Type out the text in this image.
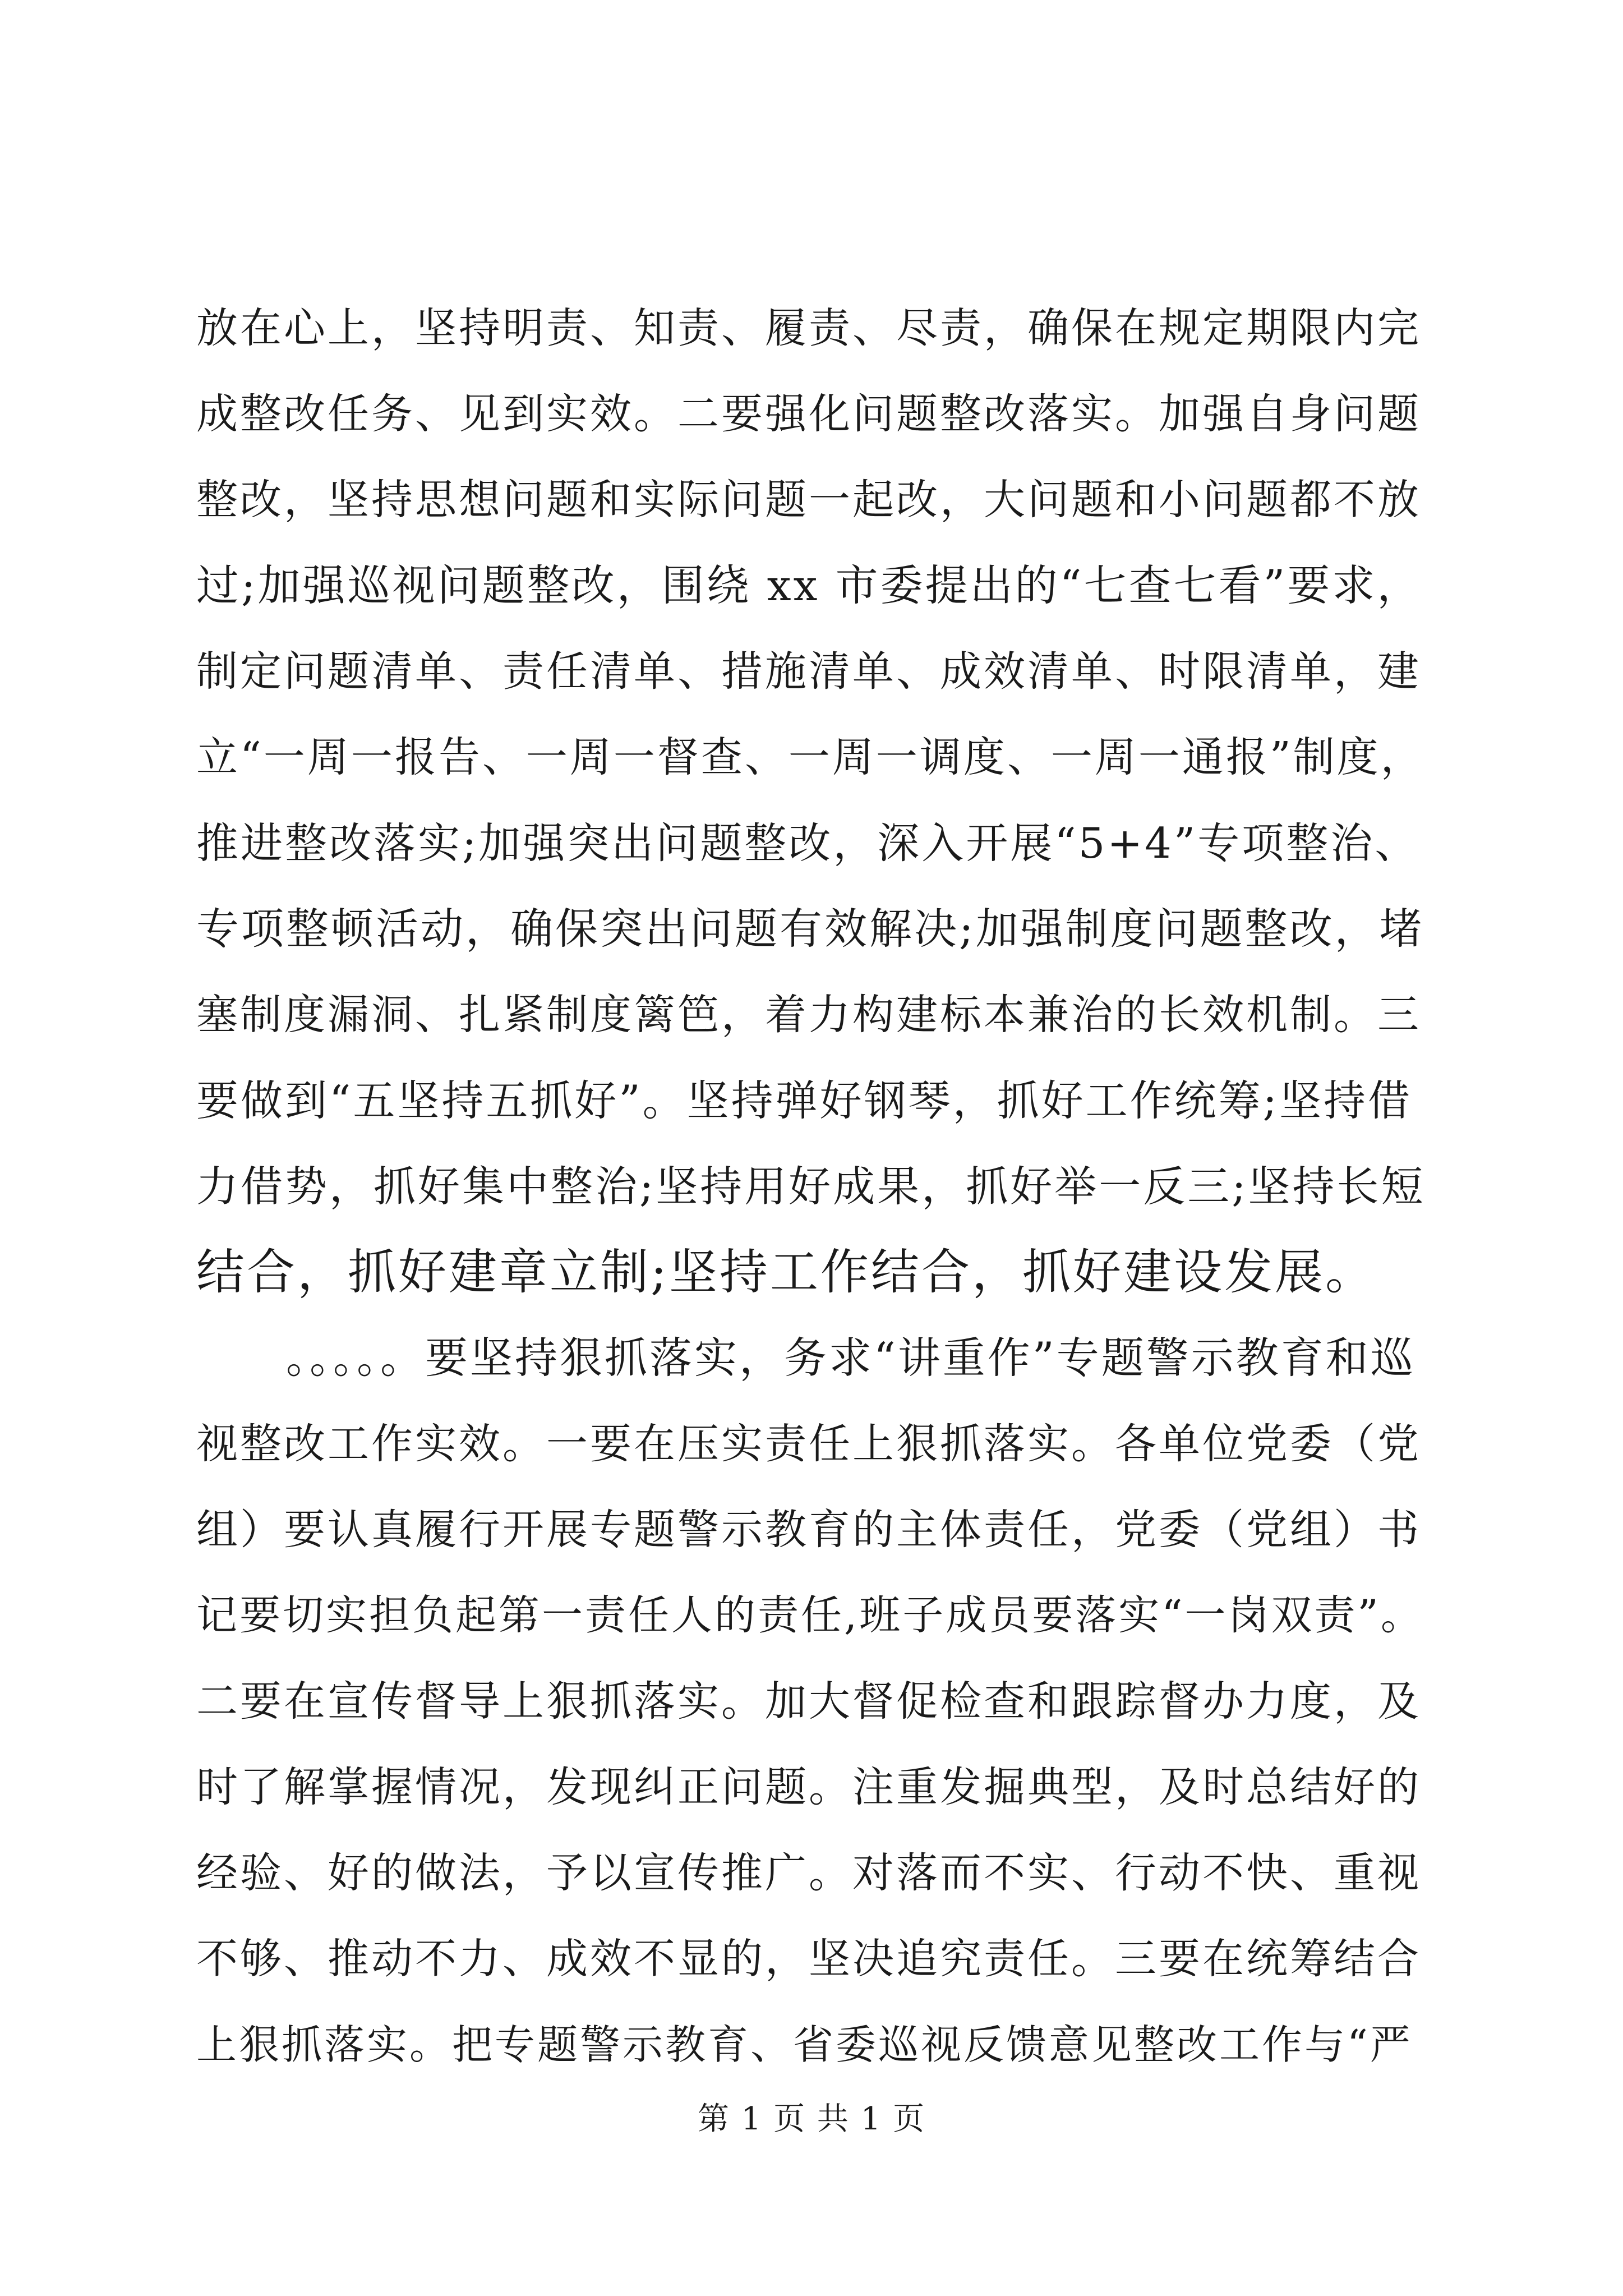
放在心上，坚持明责、知责、履责、尽责，确保在规定期限内完
成整改任务、见到实效。二要强化问题整改落实。加强自身问题
整改，坚持思想问题和实际问题一起改，大问题和小问题都不放
过;加强巡视问题整改，围绕 xx 市委提出的“七查七看”要求，
制定问题清单、责任清单、措施清单、成效清单、时限清单，建
立“一周一报告、一周一督查、一周一调度、一周一通报”制度，
推进整改落实;加强突出问题整改，深入开展“5+4”专项整治、
专项整顿活动，确保突出问题有效解决;加强制度问题整改，堵
塞制度漏洞、扎紧制度篱笆，着力构建标本兼治的长效机制。三
要做到“五坚持五抓好”。坚持弹好钢琴，抓好工作统筹;坚持借
力借势，抓好集中整治;坚持用好成果，抓好举一反三;坚持长短
结合，抓好建章立制;坚持工作结合，抓好建设发展。
　　。。。。。要坚持狠抓落实，务求“讲重作”专题警示教育和巡
视整改工作实效。一要在压实责任上狠抓落实。各单位党委（党
组）要认真履行开展专题警示教育的主体责任，党委（党组）书
记要切实担负起第一责任人的责任,班子成员要落实“一岗双责”。
二要在宣传督导上狠抓落实。加大督促检查和跟踪督办力度，及
时了解掌握情况，发现纠正问题。注重发掘典型，及时总结好的
经验、好的做法，予以宣传推广。对落而不实、行动不快、重视
不够、推动不力、成效不显的，坚决追究责任。三要在统筹结合
上狠抓落实。把专题警示教育、省委巡视反馈意见整改工作与“严
第 1 页 共 1 页
